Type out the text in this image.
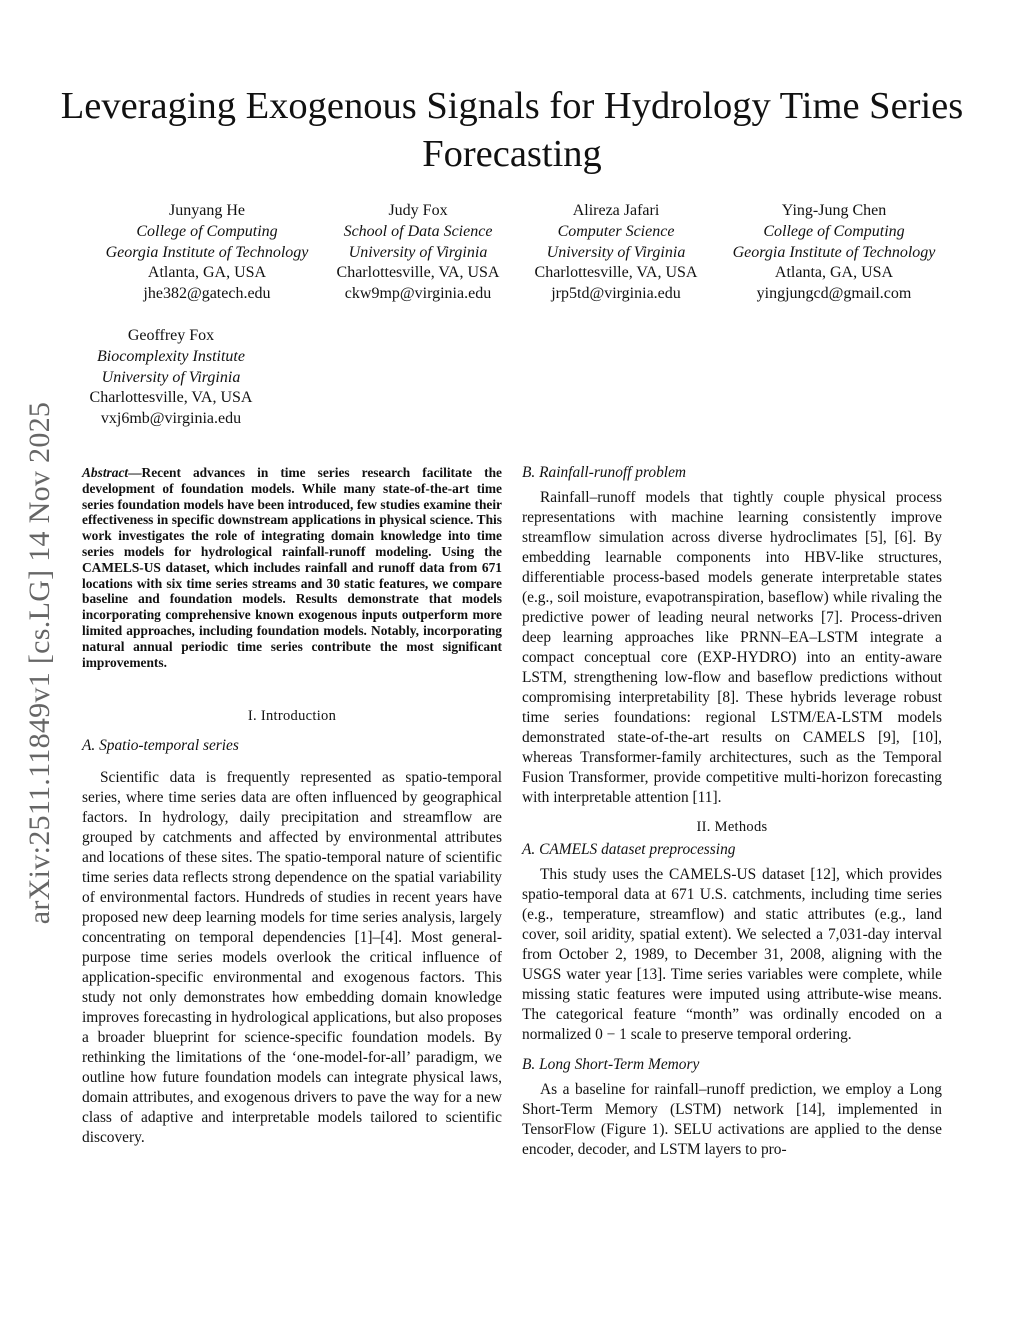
arXiv:2511.11849v1 [cs.LG] 14 Nov 2025
Leveraging Exogenous Signals for Hydrology Time Series Forecasting
Junyang He
College of Computing
Georgia Institute of Technology
Atlanta, GA, USA
jhe382@gatech.edu
Judy Fox
School of Data Science
University of Virginia
Charlottesville, VA, USA
ckw9mp@virginia.edu
Alireza Jafari
Computer Science
University of Virginia
Charlottesville, VA, USA
jrp5td@virginia.edu
Ying-Jung Chen
College of Computing
Georgia Institute of Technology
Atlanta, GA, USA
yingjungcd@gmail.com
Geoffrey Fox
Biocomplexity Institute
University of Virginia
Charlottesville, VA, USA
vxj6mb@virginia.edu
Abstract—Recent advances in time series research facilitate the development of foundation models. While many state-of-the-art time series foundation models have been introduced, few studies examine their effectiveness in specific downstream applications in physical science. This work investigates the role of integrating domain knowledge into time series models for hydrological rainfall-runoff modeling. Using the CAMELS-US dataset, which includes rainfall and runoff data from 671 locations with six time series streams and 30 static features, we compare baseline and foundation models. Results demonstrate that models incorporating comprehensive known exogenous inputs outperform more limited approaches, including foundation models. Notably, incorporating natural annual periodic time series contribute the most significant improvements.
I. Introduction
A. Spatio-temporal series

Scientific data is frequently represented as spatio-temporal series, where time series data are often influenced by geographical factors. In hydrology, daily precipitation and streamflow are grouped by catchments and affected by environmental attributes and locations of these sites. The spatio-temporal nature of scientific time series data reflects strong dependence on the spatial variability of environmental factors. Hundreds of studies in recent years have proposed new deep learning models for time series analysis, largely concentrating on temporal dependencies [1]–[4]. Most general-purpose time series models overlook the critical influence of application-specific environmental and exogenous factors. This study not only demonstrates how embedding domain knowledge improves forecasting in hydrological applications, but also proposes a broader blueprint for science-specific foundation models. By rethinking the limitations of the ‘one-model-for-all’ paradigm, we outline how future foundation models can integrate physical laws, domain attributes, and exogenous drivers to pave the way for a new class of adaptive and interpretable models tailored to scientific discovery.

B. Rainfall-runoff problem

Rainfall–runoff models that tightly couple physical process representations with machine learning consistently improve streamflow simulation across diverse hydroclimates [5], [6]. By embedding learnable components into HBV-like structures, differentiable process-based models generate interpretable states (e.g., soil moisture, evapotranspiration, baseflow) while rivaling the predictive power of leading neural networks [7]. Process-driven deep learning approaches like PRNN–EA–LSTM integrate a compact conceptual core (EXP-HYDRO) into an entity-aware LSTM, strengthening low-flow and baseflow predictions without compromising interpretability [8]. These hybrids leverage robust time series foundations: regional LSTM/EA-LSTM models demonstrated state-of-the-art results on CAMELS [9], [10], whereas Transformer-family architectures, such as the Temporal Fusion Transformer, provide competitive multi-horizon forecasting with interpretable attention [11].

II. Methods
A. CAMELS dataset preprocessing

This study uses the CAMELS-US dataset [12], which provides spatio-temporal data at 671 U.S. catchments, including time series (e.g., temperature, streamflow) and static attributes (e.g., land cover, soil aridity, spatial extent). We selected a 7,031-day interval from October 2, 1989, to December 31, 2008, aligning with the USGS water year [13]. Time series variables were complete, while missing static features were imputed using attribute-wise means. The categorical feature “month” was ordinally encoded on a normalized 0 − 1 scale to preserve temporal ordering.

B. Long Short-Term Memory

As a baseline for rainfall–runoff prediction, we employ a Long Short-Term Memory (LSTM) network [14], implemented in TensorFlow (Figure 1). SELU activations are applied to the dense encoder, decoder, and LSTM layers to pro-
